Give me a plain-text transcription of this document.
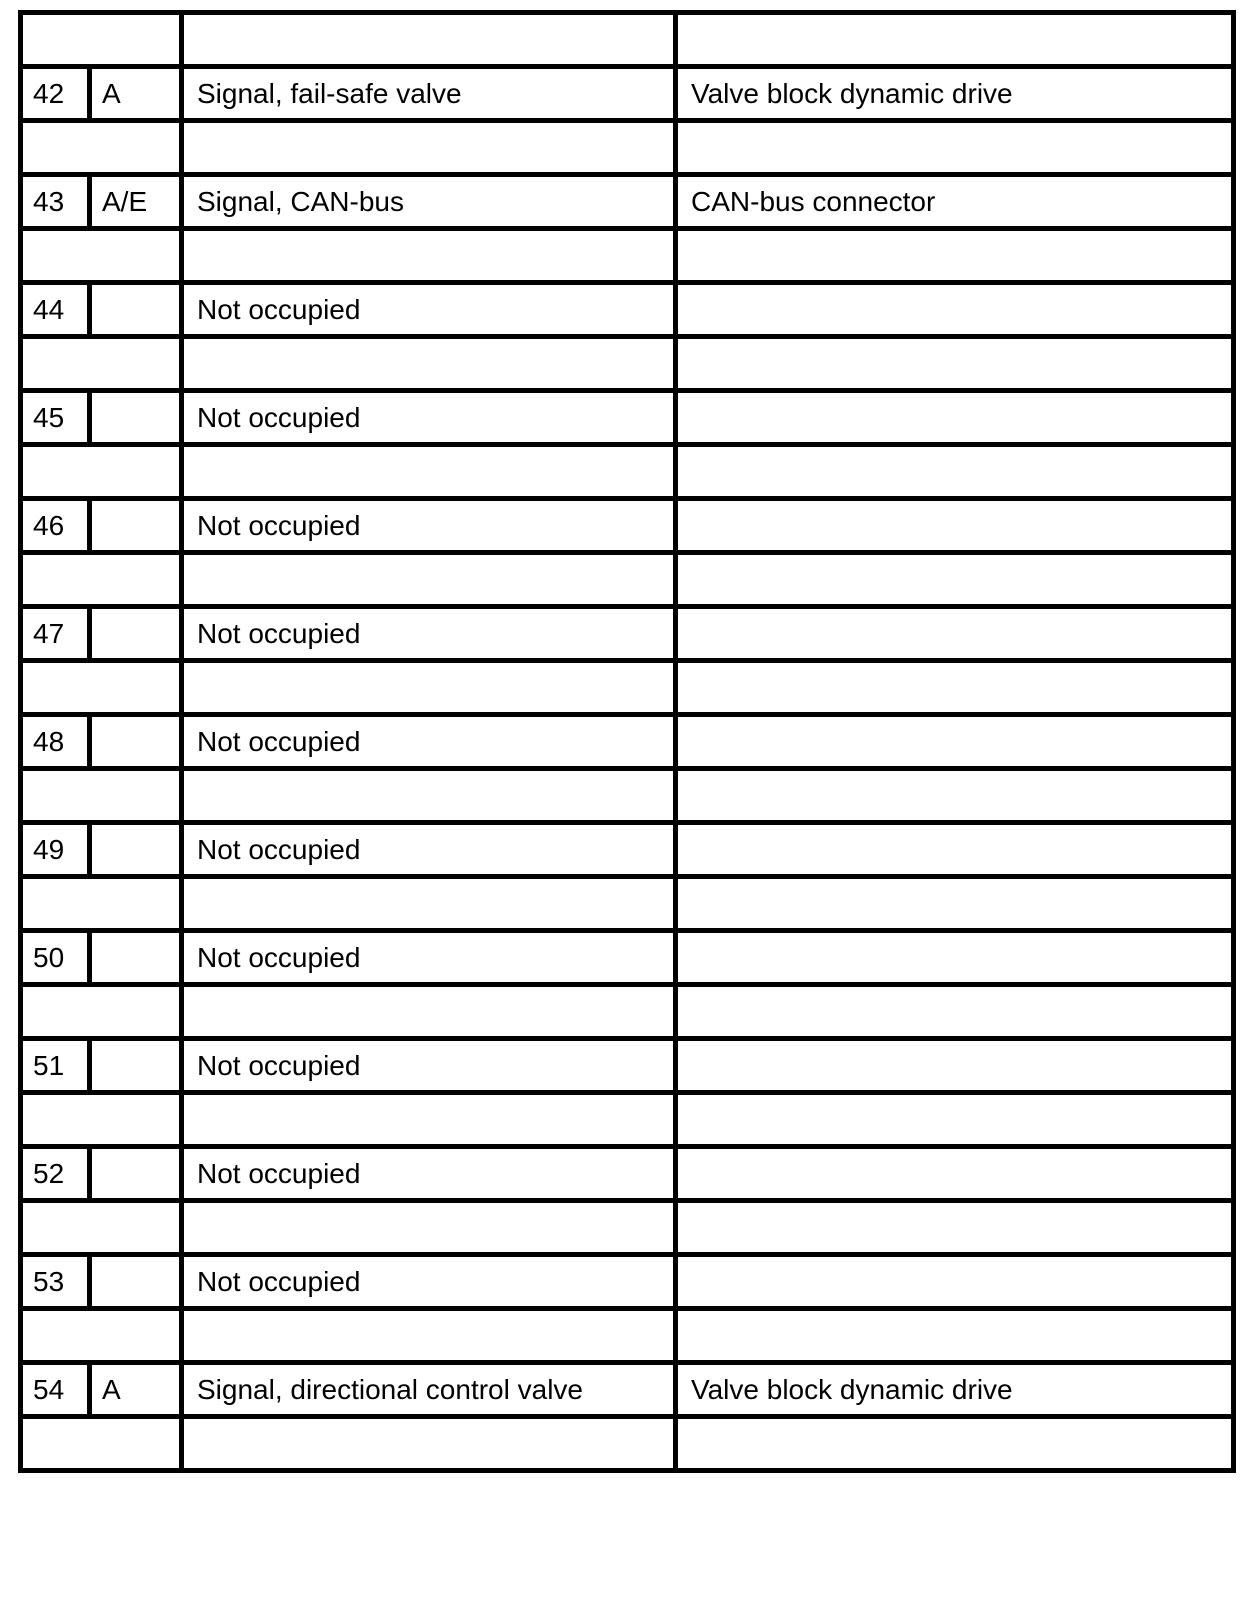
42	A	Signal, fail-safe valve	Valve block dynamic drive

43	A/E	Signal, CAN-bus	CAN-bus connector

44		Not occupied	

45		Not occupied	

46		Not occupied	

47		Not occupied	

48		Not occupied	

49		Not occupied	

50		Not occupied	

51		Not occupied	

52		Not occupied	

53		Not occupied	

54	A	Signal, directional control valve	Valve block dynamic drive
